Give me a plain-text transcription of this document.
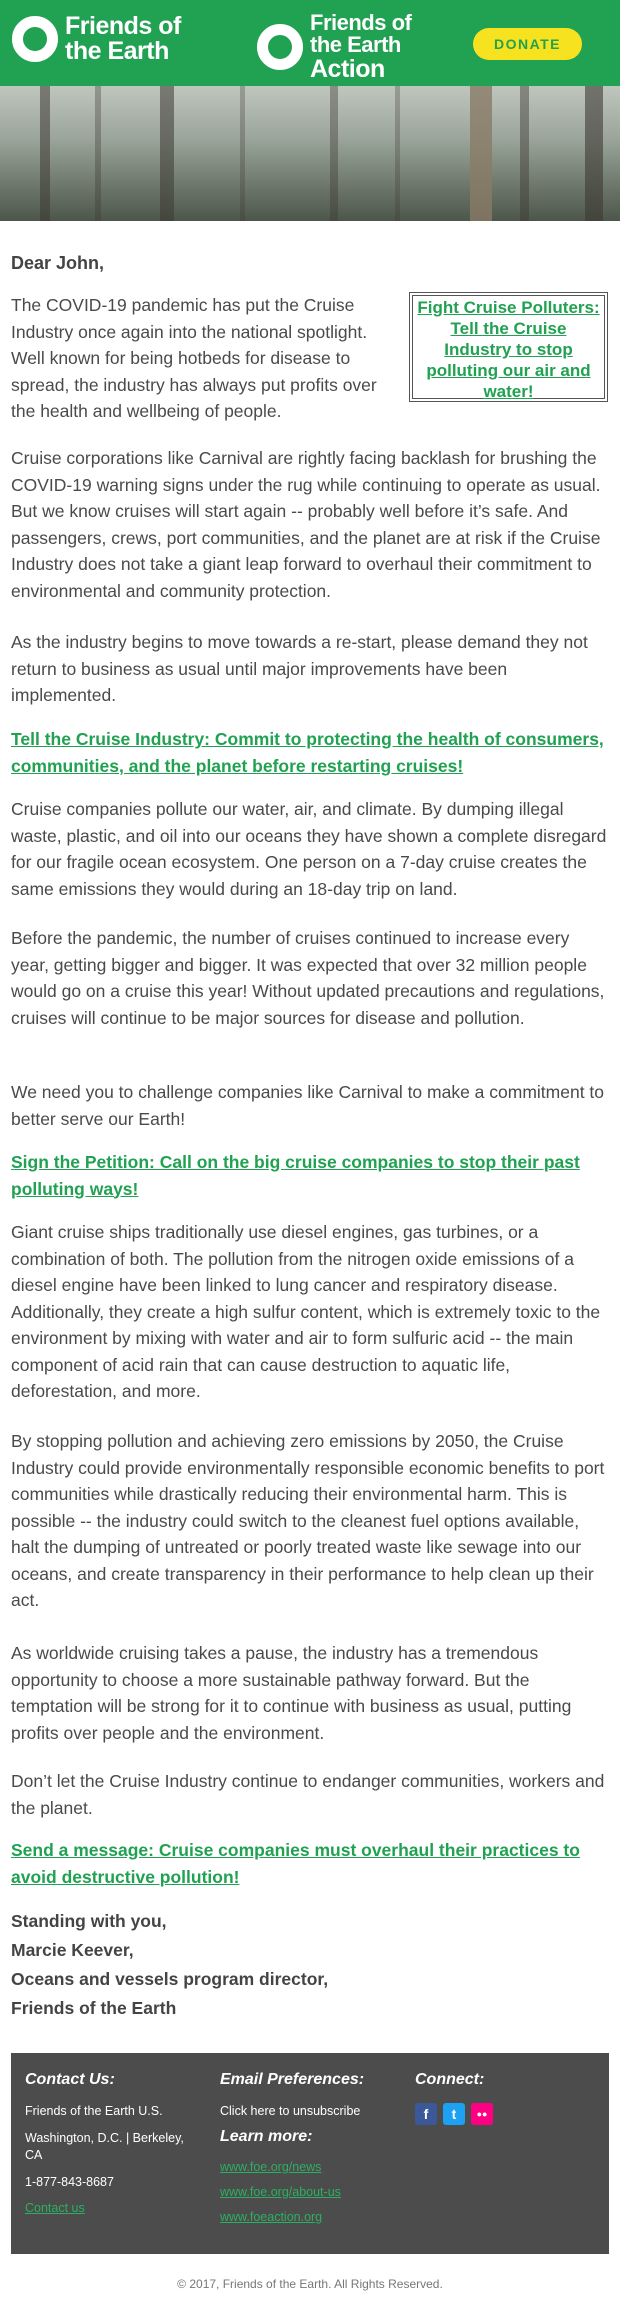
Friends of
the Earth
Friends of
the Earth
Action
DONATE

Dear John,

Fight Cruise Polluters: Tell the Cruise Industry to stop polluting our air and water!

The COVID-19 pandemic has put the Cruise Industry once again into the national spotlight. Well known for being hotbeds for disease to spread, the industry has always put profits over the health and wellbeing of people.

Cruise corporations like Carnival are rightly facing backlash for brushing the COVID-19 warning signs under the rug while continuing to operate as usual. But we know cruises will start again -- probably well before it’s safe. And passengers, crews, port communities, and the planet are at risk if the Cruise Industry does not take a giant leap forward to overhaul their commitment to environmental and community protection.

As the industry begins to move towards a re-start, please demand they not return to business as usual until major improvements have been implemented.

Tell the Cruise Industry: Commit to protecting the health of consumers, communities, and the planet before restarting cruises!

Cruise companies pollute our water, air, and climate. By dumping illegal waste, plastic, and oil into our oceans they have shown a complete disregard for our fragile ocean ecosystem. One person on a 7-day cruise creates the same emissions they would during an 18-day trip on land.

Before the pandemic, the number of cruises continued to increase every year, getting bigger and bigger. It was expected that over 32 million people would go on a cruise this year! Without updated precautions and regulations, cruises will continue to be major sources for disease and pollution.

We need you to challenge companies like Carnival to make a commitment to better serve our Earth!

Sign the Petition: Call on the big cruise companies to stop their past polluting ways!

Giant cruise ships traditionally use diesel engines, gas turbines, or a combination of both. The pollution from the nitrogen oxide emissions of a diesel engine have been linked to lung cancer and respiratory disease. Additionally, they create a high sulfur content, which is extremely toxic to the environment by mixing with water and air to form sulfuric acid -- the main component of acid rain that can cause destruction to aquatic life, deforestation, and more.

By stopping pollution and achieving zero emissions by 2050, the Cruise Industry could provide environmentally responsible economic benefits to port communities while drastically reducing their environmental harm. This is possible -- the industry could switch to the cleanest fuel options available, halt the dumping of untreated or poorly treated waste like sewage into our oceans, and create transparency in their performance to help clean up their act.

As worldwide cruising takes a pause, the industry has a tremendous opportunity to choose a more sustainable pathway forward. But the temptation will be strong for it to continue with business as usual, putting profits over people and the environment.

Don’t let the Cruise Industry continue to endanger communities, workers and the planet.

Send a message: Cruise companies must overhaul their practices to avoid destructive pollution!
Standing with you,
Marcie Keever,
Oceans and vessels program director,
Friends of the Earth

Contact Us:

Friends of the Earth U.S.

Washington, D.C. | Berkeley, CA

1-877-843-8687

Contact us

Email Preferences:

Click here to unsubscribe

Learn more:

www.foe.org/news
www.foe.org/about-us
www.foeaction.org

Connect:

f	t	●●
© 2017, Friends of the Earth. All Rights Reserved.
